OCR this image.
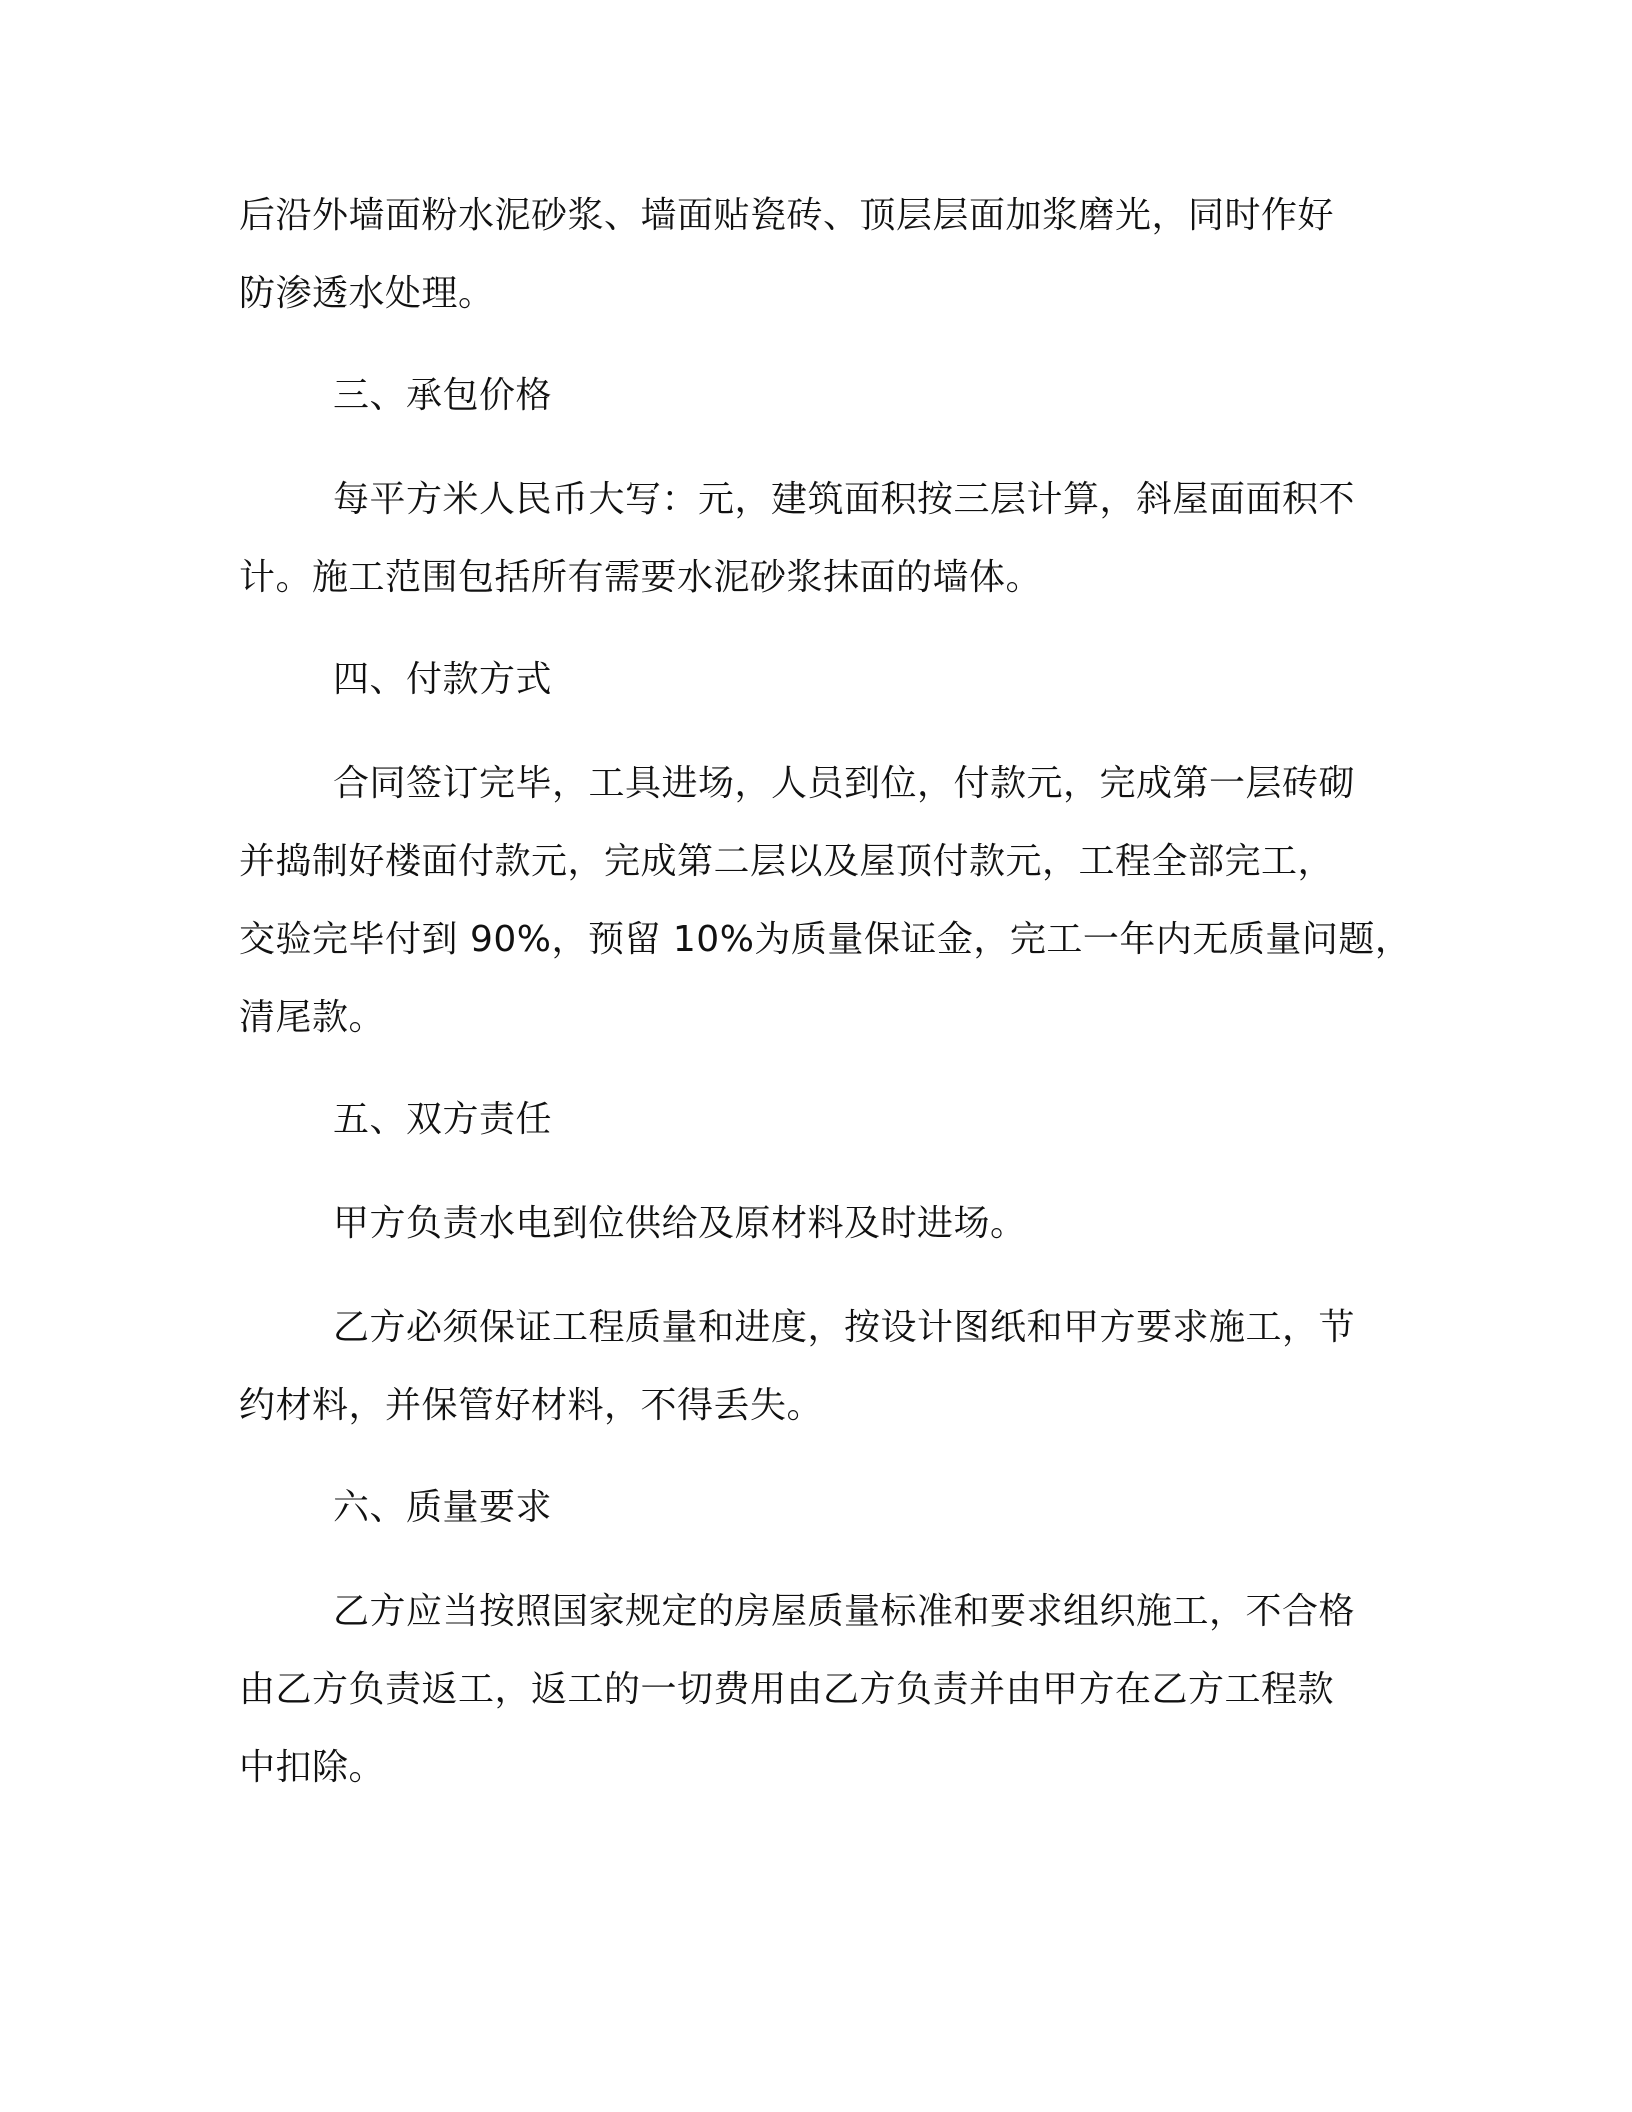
后沿外墙面粉水泥砂浆、墙面贴瓷砖、顶层层面加浆磨光，同时作好
防渗透水处理。
三、承包价格
每平方米人民币大写：元，建筑面积按三层计算，斜屋面面积不
计。施工范围包括所有需要水泥砂浆抹面的墙体。
四、付款方式
合同签订完毕，工具进场，人员到位，付款元，完成第一层砖砌
并捣制好楼面付款元，完成第二层以及屋顶付款元，工程全部完工，
交验完毕付到 90%，预留 10%为质量保证金，完工一年内无质量问题，
清尾款。
五、双方责任
甲方负责水电到位供给及原材料及时进场。
乙方必须保证工程质量和进度，按设计图纸和甲方要求施工，节
约材料，并保管好材料，不得丢失。
六、质量要求
乙方应当按照国家规定的房屋质量标准和要求组织施工，不合格
由乙方负责返工，返工的一切费用由乙方负责并由甲方在乙方工程款
中扣除。
